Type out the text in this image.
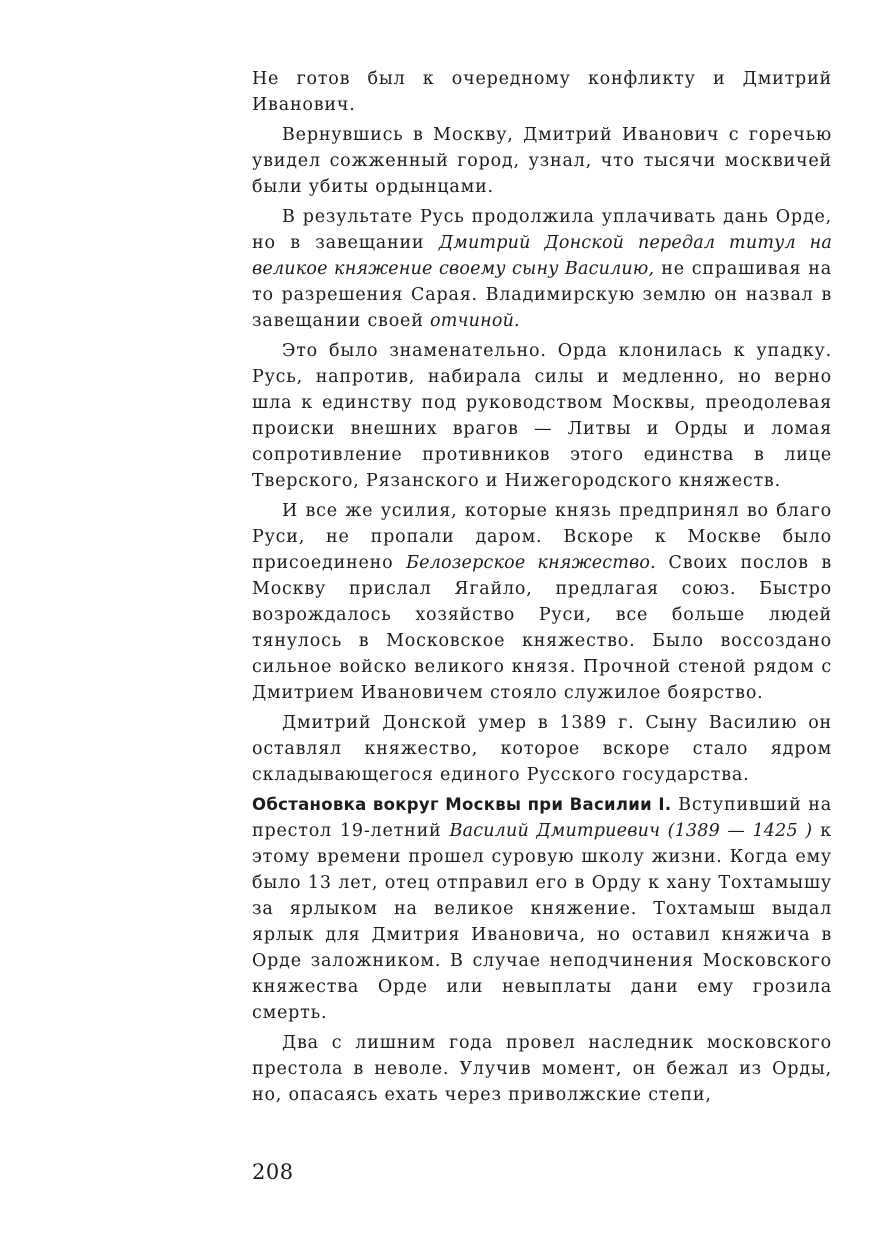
Не готов был к очередному конфликту и Дмитрий Иванович.

Вернувшись в Москву, Дмитрий Иванович с горечью увидел сожженный город, узнал, что тысячи москвичей были убиты ордынцами.

В результате Русь продолжила уплачивать дань Орде, но в завещании Дмитрий Донской передал титул на великое княжение своему сыну Василию, не спрашивая на то разрешения Сарая. Владимирскую землю он назвал в завещании своей отчиной.

Это было знаменательно. Орда клонилась к упадку. Русь, напротив, набирала силы и медленно, но верно шла к единству под руководством Москвы, преодолевая происки внешних врагов — Литвы и Орды и ломая сопротивление противников этого единства в лице Тверского, Рязанского и Нижегородского княжеств.

И все же усилия, которые князь предпринял во благо Руси, не пропали даром. Вскоре к Москве было присоединено Белозерское княжество. Своих послов в Москву прислал Ягайло, предлагая союз. Быстро возрождалось хозяйство Руси, все больше людей тянулось в Московское княжество. Было воссоздано сильное войско великого князя. Прочной стеной рядом с Дмитрием Ивановичем стояло служилое боярство.

Дмитрий Донской умер в 1389 г. Сыну Василию он оставлял княжество, которое вскоре стало ядром складывающегося единого Русского государства.

Обстановка вокруг Москвы при Василии I. Вступивший на престол 19-летний Василий Дмитриевич (1389 — 1425 ) к этому времени прошел суровую школу жизни. Когда ему было 13 лет, отец отправил его в Орду к хану Тохтамышу за ярлыком на великое княжение. Тохтамыш выдал ярлык для Дмитрия Ивановича, но оставил княжича в Орде заложником. В случае неподчинения Московского княжества Орде или невыплаты дани ему грозила смерть.

Два с лишним года провел наследник московского престола в неволе. Улучив момент, он бежал из Орды, но, опасаясь ехать через приволжские степи,

208
